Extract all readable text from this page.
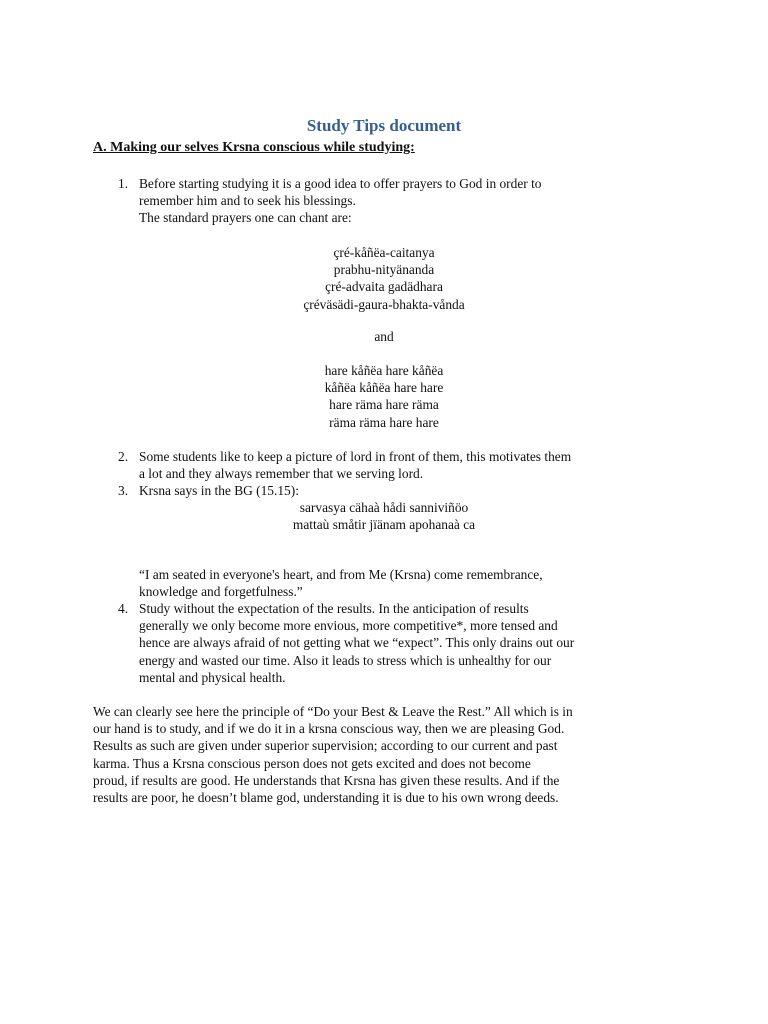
Study Tips document
A. Making our selves Krsna conscious while studying:
1. Before starting studying it is a good idea to offer prayers to God in order to
remember him and to seek his blessings.
The standard prayers one can chant are:
çré-kåñëa-caitanya
prabhu-nityänanda
çré-advaita gadädhara
çréväsädi-gaura-bhakta-vånda
and
hare kåñëa hare kåñëa
kåñëa kåñëa hare hare
hare räma hare räma
räma räma hare hare
2. Some students like to keep a picture of lord in front of them, this motivates them
a lot and they always remember that we serving lord.
3. Krsna says in the BG (15.15):
sarvasya cähaà hådi sanniviñöo
mattaù småtir jïänam apohanaà ca
“I am seated in everyone's heart, and from Me (Krsna) come remembrance,
knowledge and forgetfulness.”
4. Study without the expectation of the results. In the anticipation of results
generally we only become more envious, more competitive*, more tensed and
hence are always afraid of not getting what we “expect”. This only drains out our
energy and wasted our time. Also it leads to stress which is unhealthy for our
mental and physical health.
We can clearly see here the principle of “Do your Best & Leave the Rest.” All which is in
our hand is to study, and if we do it in a krsna conscious way, then we are pleasing God.
Results as such are given under superior supervision; according to our current and past
karma. Thus a Krsna conscious person does not gets excited and does not become
proud, if results are good. He understands that Krsna has given these results. And if the
results are poor, he doesn’t blame god, understanding it is due to his own wrong deeds.
